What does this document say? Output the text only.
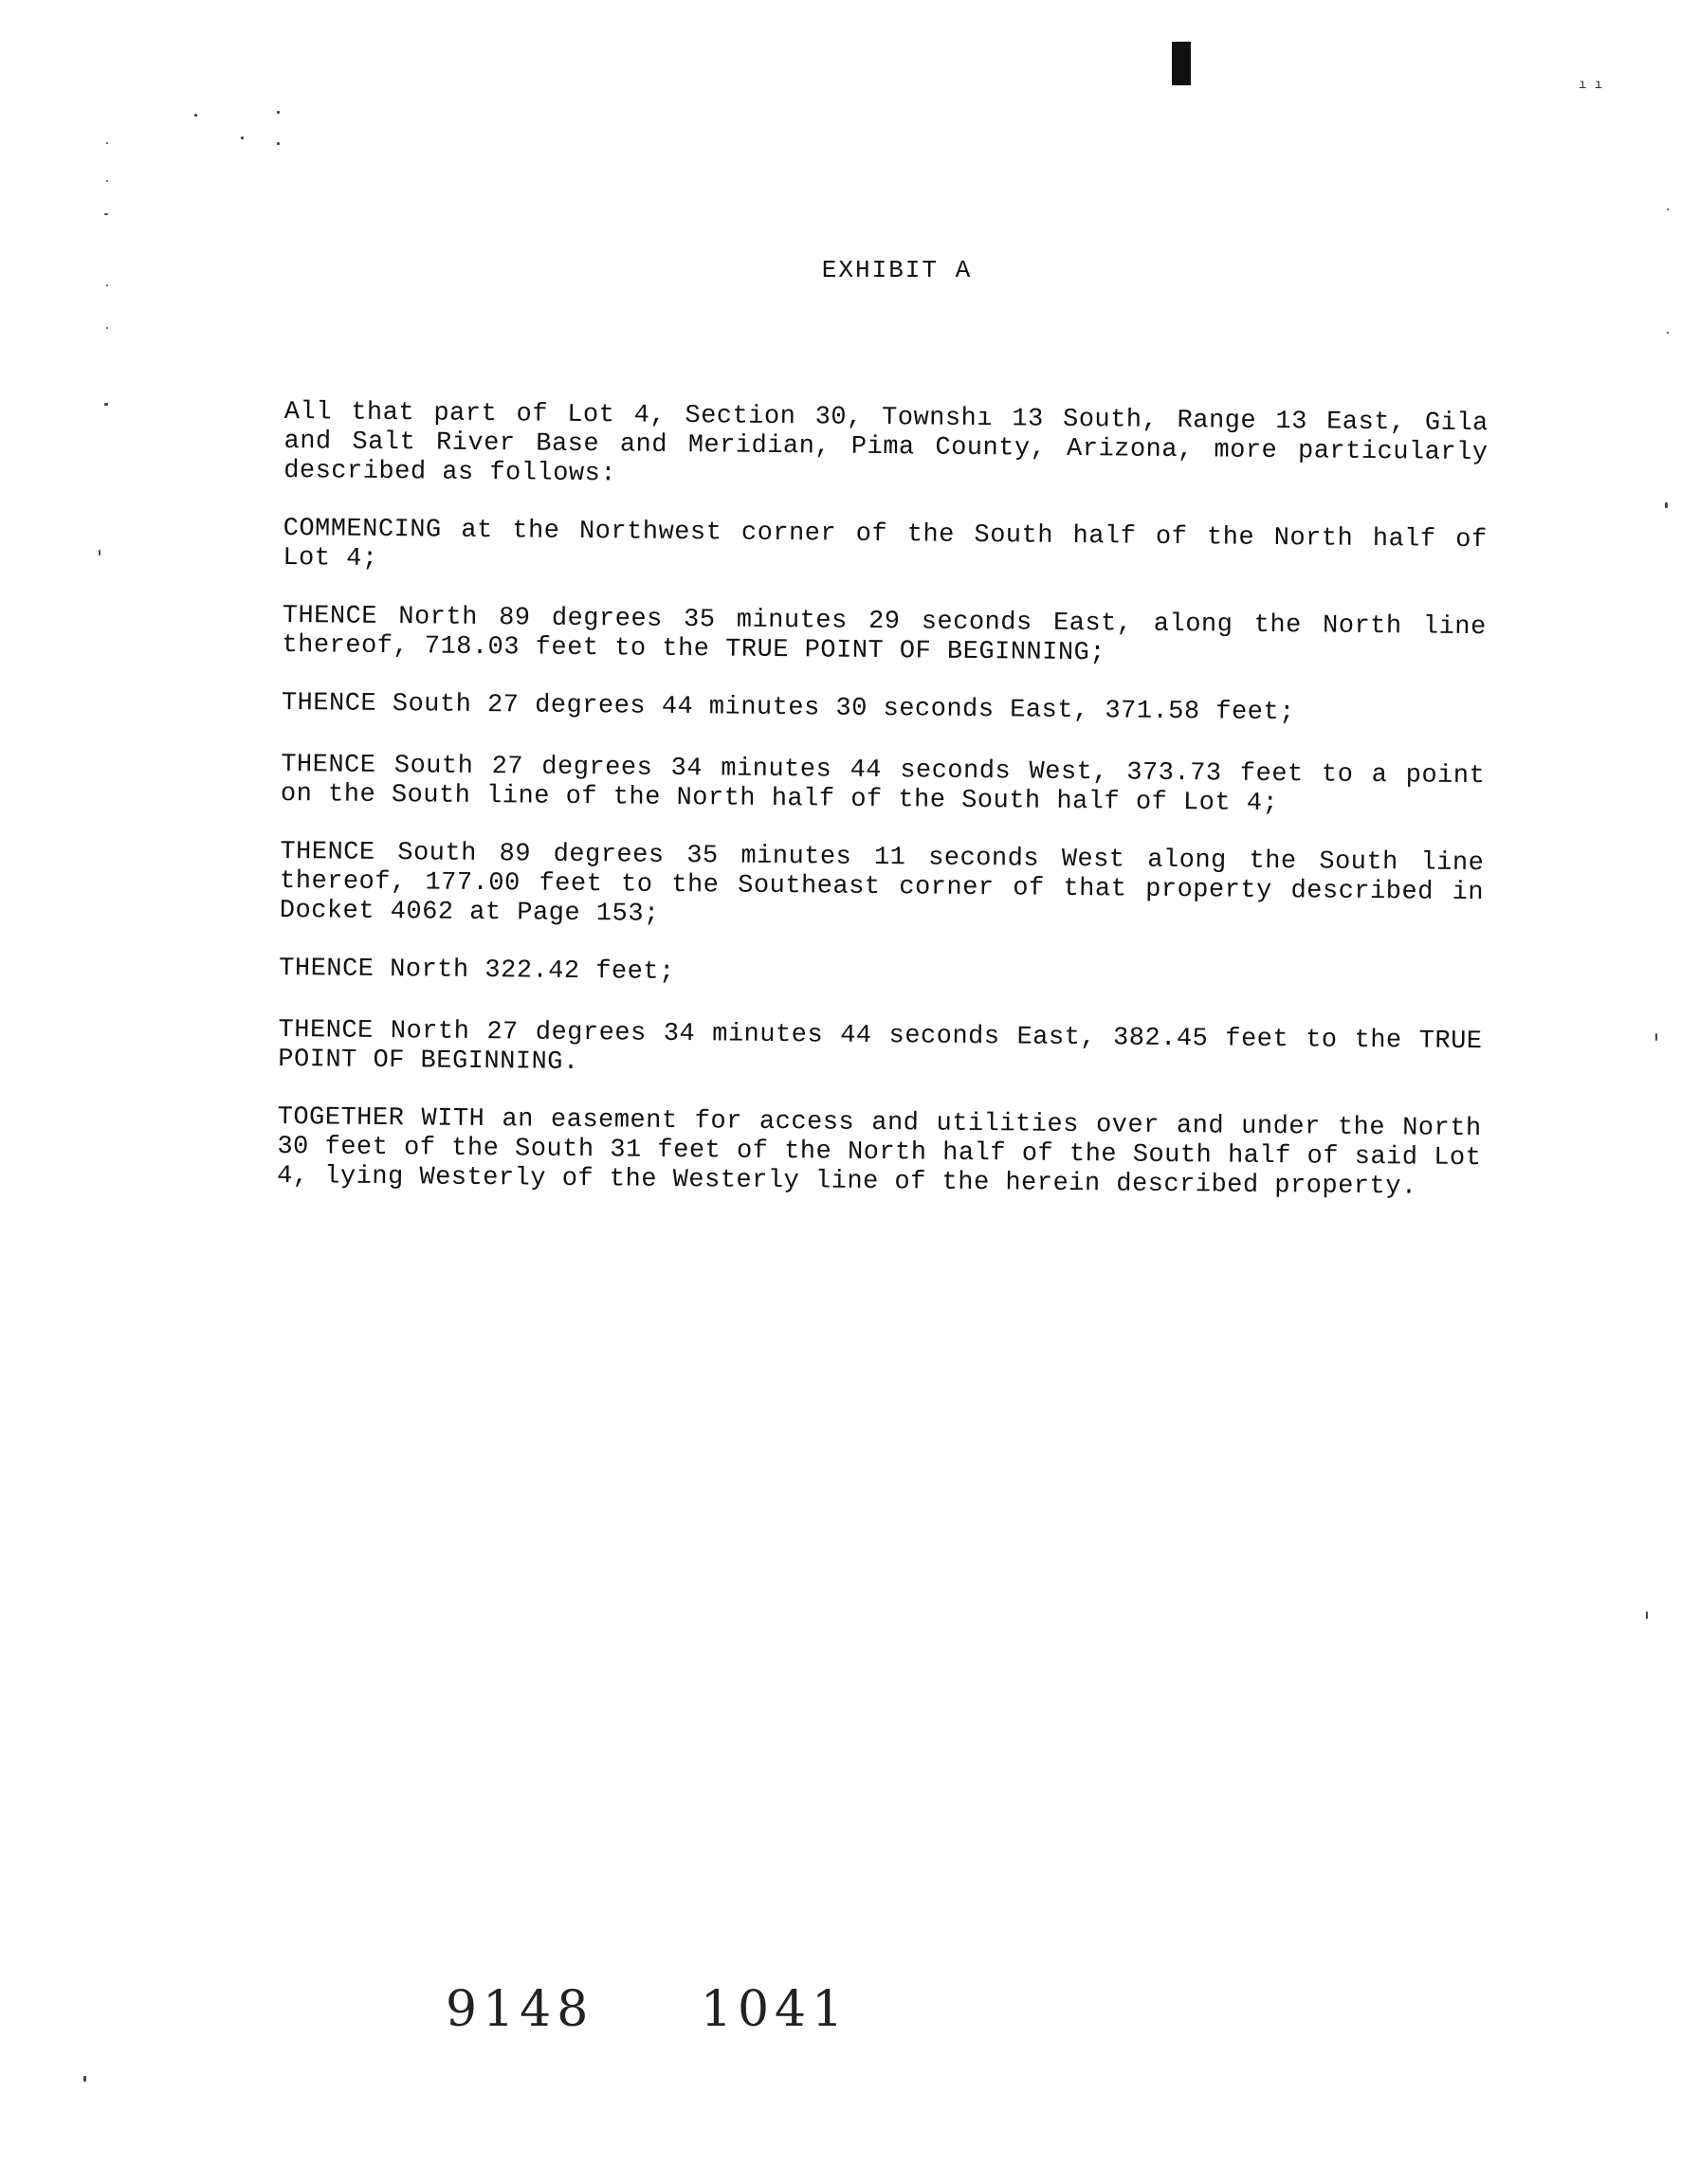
ı ı
EXHIBIT A

All that part of Lot 4, Section 30, Townshı 13 South, Range 13 East, Gila and Salt River Base and Meridian, Pima County, Arizona, more particularly described as follows:

COMMENCING at the Northwest corner of the South half of the North half of Lot 4;

THENCE North 89 degrees 35 minutes 29 seconds East, along the North line thereof, 718.03 feet to the TRUE POINT OF BEGINNING;

THENCE South 27 degrees 44 minutes 30 seconds East, 371.58 feet;

THENCE South 27 degrees 34 minutes 44 seconds West, 373.73 feet to a point on the South line of the North half of the South half of Lot 4;

THENCE South 89 degrees 35 minutes 11 seconds West along the South line thereof, 177.00 feet to the Southeast corner of that property described in Docket 4062 at Page 153;

THENCE North 322.42 feet;

THENCE North 27 degrees 34 minutes 44 seconds East, 382.45 feet to the TRUE POINT OF BEGINNING.

TOGETHER WITH an easement for access and utilities over and under the North 30 feet of the South 31 feet of the North half of the South half of said Lot 4, lying Westerly of the Westerly line of the herein described property.

9148 1041
